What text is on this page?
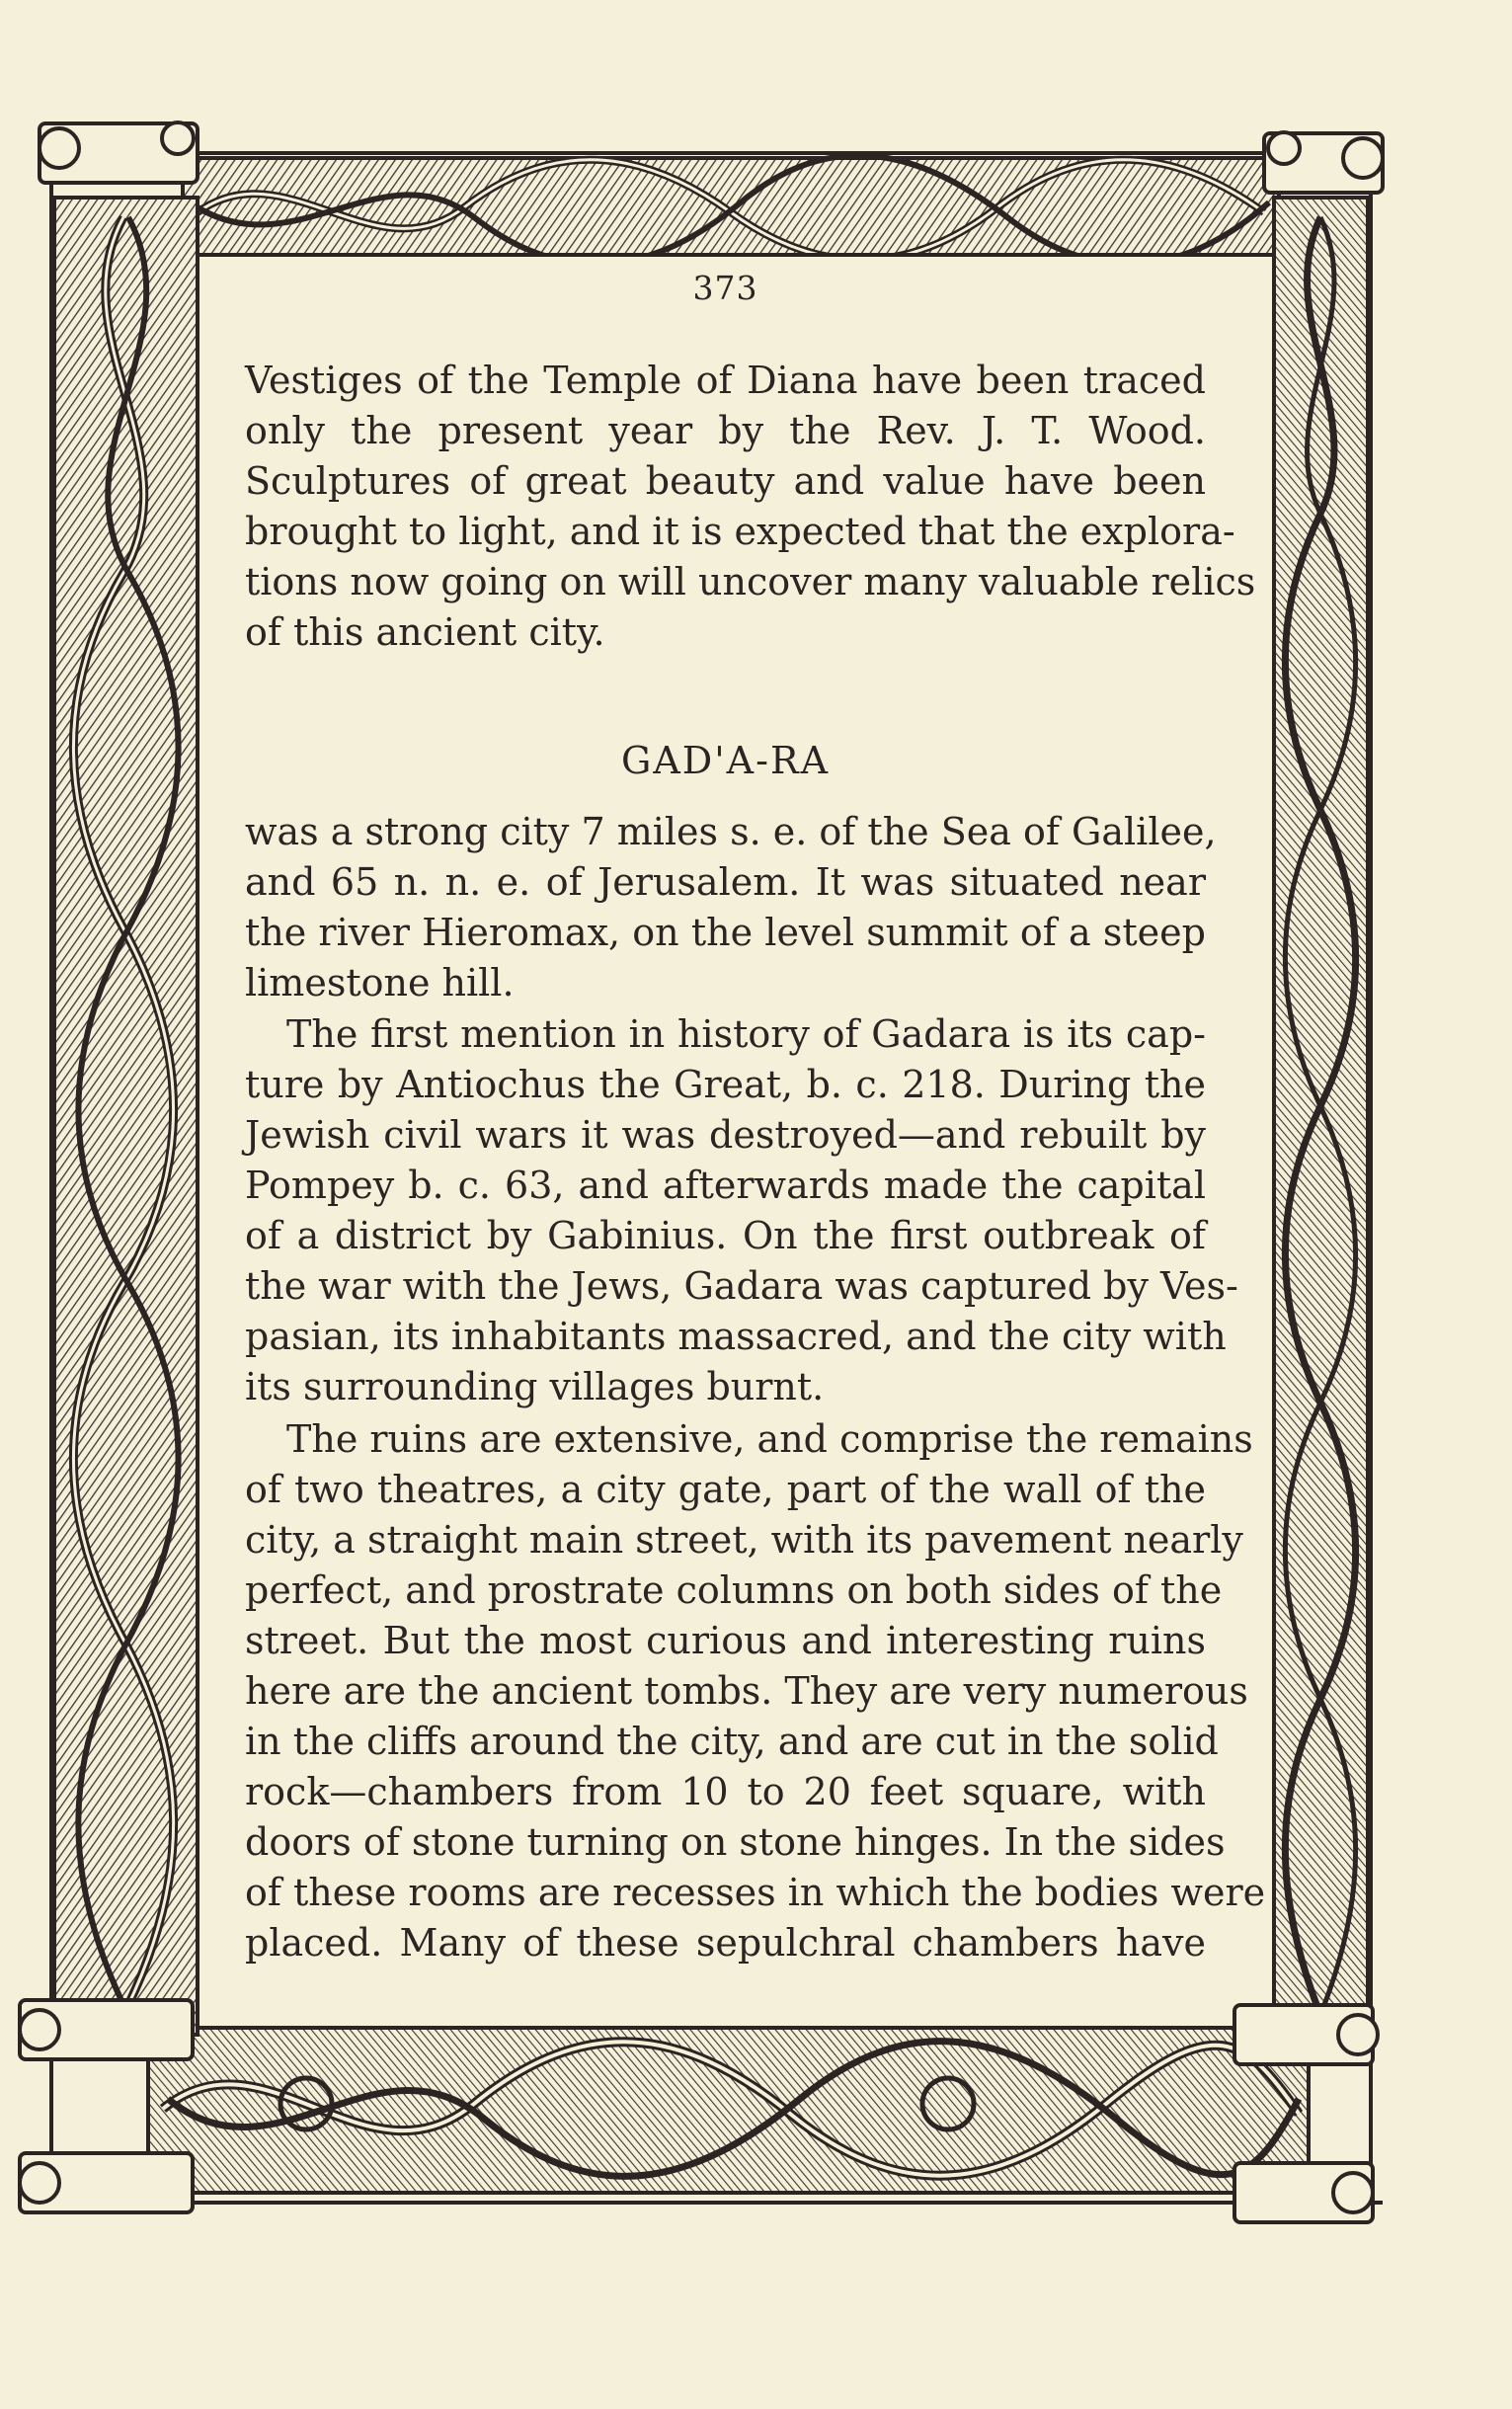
373

Vestiges of the Temple of Diana have been traced
only the present year by the Rev. J. T. Wood.
Sculptures of great beauty and value have been
brought to light, and it is expected that the explora-
tions now going on will uncover many valuable relics
of this ancient city.

GAD'A-RA

was a strong city 7 miles s. e. of the Sea of Galilee,
and 65 n. n. e. of Jerusalem. It was situated near
the river Hieromax, on the level summit of a steep
limestone hill.
The first mention in history of Gadara is its cap-
ture by Antiochus the Great, b. c. 218. During the
Jewish civil wars it was destroyed—and rebuilt by
Pompey b. c. 63, and afterwards made the capital
of a district by Gabinius. On the first outbreak of
the war with the Jews, Gadara was captured by Ves-
pasian, its inhabitants massacred, and the city with
its surrounding villages burnt.
The ruins are extensive, and comprise the remains
of two theatres, a city gate, part of the wall of the
city, a straight main street, with its pavement nearly
perfect, and prostrate columns on both sides of the
street. But the most curious and interesting ruins
here are the ancient tombs. They are very numerous
in the cliffs around the city, and are cut in the solid
rock—chambers from 10 to 20 feet square, with
doors of stone turning on stone hinges. In the sides
of these rooms are recesses in which the bodies were
placed. Many of these sepulchral chambers have
